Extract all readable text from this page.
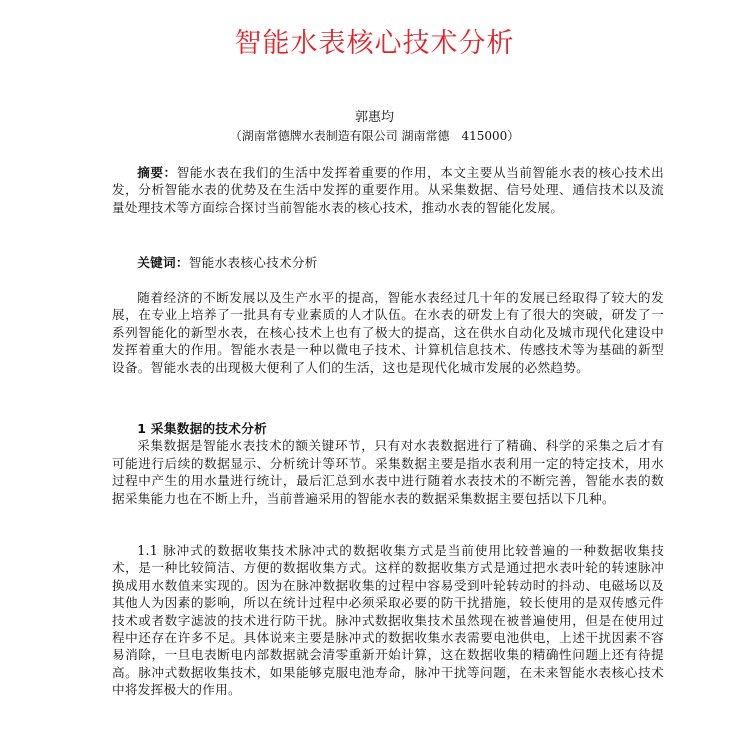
智能水表核心技术分析
郭惠均
（湖南常德牌水表制造有限公司 湖南常德　415000）
摘要：智能水表在我们的生活中发挥着重要的作用，本文主要从当前智能水表的核心技术出发，分析智能水表的优势及在生活中发挥的重要作用。从采集数据、信号处理、通信技术以及流量处理技术等方面综合探讨当前智能水表的核心技术，推动水表的智能化发展。
关键词：智能水表核心技术分析
随着经济的不断发展以及生产水平的提高，智能水表经过几十年的发展已经取得了较大的发展，在专业上培养了一批具有专业素质的人才队伍。在水表的研发上有了很大的突破，研发了一系列智能化的新型水表，在核心技术上也有了极大的提高，这在供水自动化及城市现代化建设中发挥着重大的作用。智能水表是一种以微电子技术、计算机信息技术、传感技术等为基础的新型设备。智能水表的出现极大便利了人们的生活，这也是现代化城市发展的必然趋势。
1 采集数据的技术分析

采集数据是智能水表技术的额关键环节，只有对水表数据进行了精确、科学的采集之后才有可能进行后续的数据显示、分析统计等环节。采集数据主要是指水表利用一定的特定技术，用水过程中产生的用水量进行统计，最后汇总到水表中进行随着水表技术的不断完善，智能水表的数据采集能力也在不断上升，当前普遍采用的智能水表的数据采集数据主要包括以下几种。

1.1 脉冲式的数据收集技术脉冲式的数据收集方式是当前使用比较普遍的一种数据收集技术，是一种比较简洁、方便的数据收集方式。这样的数据收集方式是通过把水表叶轮的转速脉冲换成用水数值来实现的。因为在脉冲数据收集的过程中容易受到叶轮转动时的抖动、电磁场以及其他人为因素的影响，所以在统计过程中必须采取必要的防干扰措施，较长使用的是双传感元件技术或者数字滤波的技术进行防干扰。脉冲式数据收集技术虽然现在被普遍使用，但是在使用过程中还存在许多不足。具体说来主要是脉冲式的数据收集水表需要电池供电，上述干扰因素不容易消除，一旦电表断电内部数据就会清零重新开始计算，这在数据收集的精确性问题上还有待提高。脉冲式数据收集技术，如果能够克服电池寿命，脉冲干扰等问题，在未来智能水表核心技术中将发挥极大的作用。
